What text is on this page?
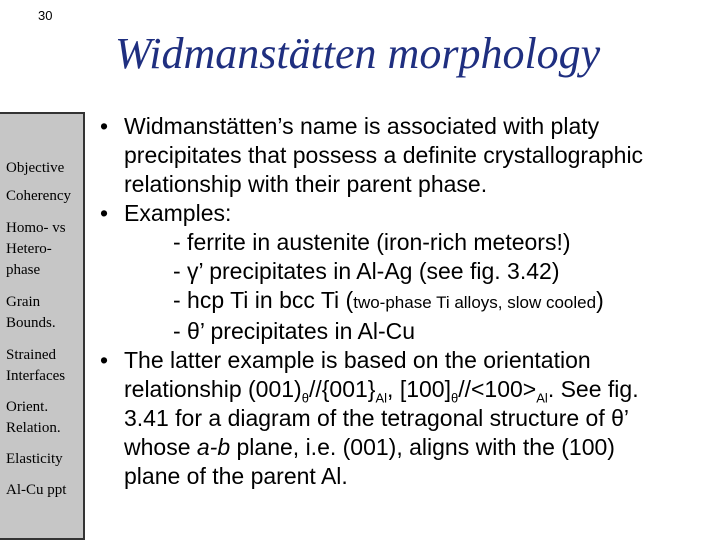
30
Widmanstätten morphology
Objective
Coherency
Homo- vs
Hetero-
phase
Grain
Bounds.
Strained
Interfaces
Orient.
Relation.
Elasticity
Al-Cu ppt
• Widmanstätten’s name is associated with platy
precipitates that possess a definite crystallographic
relationship with their parent phase.
• Examples:
- ferrite in austenite (iron-rich meteors!)
- γ’ precipitates in Al-Ag (see fig. 3.42)
- hcp Ti in bcc Ti (two-phase Ti alloys, slow cooled)
- θ’ precipitates in Al-Cu
• The latter example is based on the orientation
relationship $(001)_\theta//\{001\}_{Al}$, $[100]_\theta//<100>_{Al}$. See fig.
3.41 for a diagram of the tetragonal structure of θ’
whose a-b plane, i.e. (001), aligns with the (100)
plane of the parent Al.
